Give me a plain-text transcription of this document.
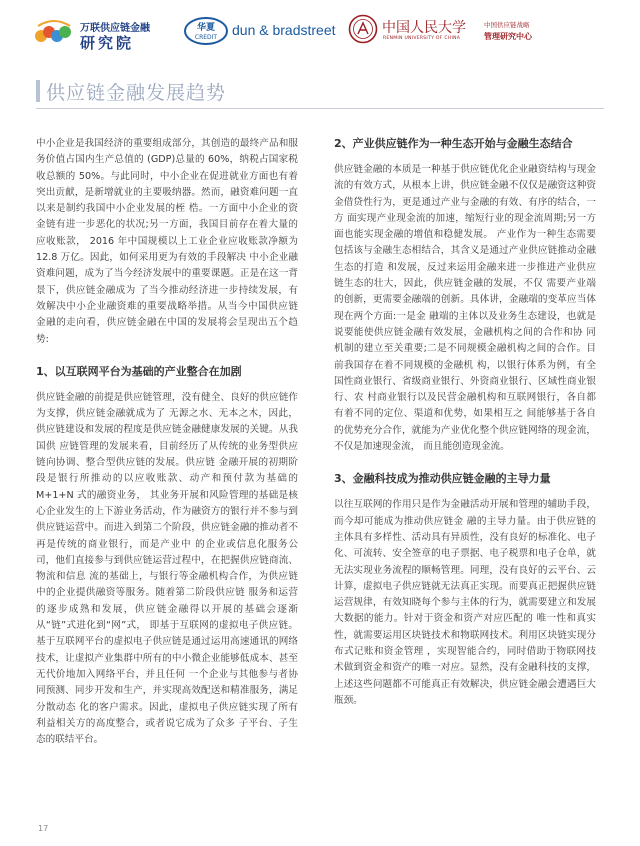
万联供应链金融
研究院
华夏
CREDIT dun & bradstreet	中国人民大学
RENMIN UNIVERSITY OF CHINA
中国供应链战略
管理研究中心
供应链金融发展趋势

中小企业是我国经济的重要组成部分，其创造的最终产品和服务价值占国内生产总值的 (GDP)总量的 60%，纳税占国家税收总额的 50%。与此同时，中小企业在促进就业方面也有着 突出贡献，是新增就业的主要吸纳器。然而，融资难问题一直以来是制约我国中小企业发展的桎 梏。一方面中小企业的资金链有进一步恶化的状况;另一方面，我国目前存在着大量的应收账款， 2016 年中国规模以上工业企业应收账款净额为 12.8 万亿。因此，如何采用更为有效的手段解决 中小企业融资难问题，成为了当今经济发展中的重要课题。正是在这一背景下，供应链金融成为 了当今推动经济进一步持续发展，有效解决中小企业融资难的重要战略举措。从当今中国供应链 金融的走向看，供应链金融在中国的发展将会呈现出五个趋势:

1、以互联网平台为基础的产业整合在加剧

供应链金融的前提是供应链管理，没有健全、良好的供应链作为支撑，供应链金融就成为了 无源之水、无本之木，因此，供应链建设和发展的程度是供应链金融健康发展的关键。从我国供 应链管理的发展来看，目前经历了从传统的业务型供应链向协调、整合型供应链的发展。供应链 金融开展的初期阶段是银行所推动的以应收账款、动产和预付款为基础的 M+1+N 式的融资业务， 其业务开展和风险管理的基础是核心企业发生的上下游业务活动，作为融资方的银行并不参与到 供应链运营中。而进入到第二个阶段，供应链金融的推动者不再是传统的商业银行，而是产业中 的企业或信息化服务公司，他们直接参与到供应链运营过程中，在把握供应链商流、物流和信息 流的基础上，与银行等金融机构合作，为供应链中的企业提供融资等服务。随着第二阶段供应链 服务和运营的逐步成熟和发展，供应链金融得以开展的基础会逐渐从“链”式进化到“网”式， 即基于互联网的虚拟电子供应链。基于互联网平台的虚拟电子供应链是通过运用高速通讯的网络 技术，让虚拟产业集群中所有的中小微企业能够低成本、甚至无代价地加入网络平台，并且任何 一个企业与其他参与者协同预测、同步开发和生产，并实现高效配送和精准服务，满足分散动态 化的客户需求。因此，虚拟电子供应链实现了所有利益相关方的高度整合，或者说它成为了众多 子平台、子生态的联结平台。

2、产业供应链作为一种生态开始与金融生态结合

供应链金融的本质是一种基于供应链优化企业融资结构与现金流的有效方式，从根本上讲，供应链金融不仅仅是融资这种资金借贷性行为，更是通过产业与金融的有效、有序的结合，一方 面实现产业现金流的加速，缩短行业的现金流周期;另一方面也能实现金融的增值和稳健发展。 产业作为一种生态需要包括该与金融生态相结合，其含义是通过产业供应链推动金融生态的打造 和发展，反过来运用金融来进一步推进产业供应链生态的壮大，因此，供应链金融的发展，不仅 需要产业端的创新，更需要金融端的创新。具体讲，金融端的变革应当体现在两个方面:一是金 融端的主体以及业务生态建设，也就是说要能使供应链金融有效发展，金融机构之间的合作和协 同机制的建立至关重要;二是不同规模金融机构之间的合作。目前我国存在着不同规模的金融机 构，以银行体系为例，有全国性商业银行、省级商业银行、外资商业银行、区域性商业银行、农 村商业银行以及民营金融机构和互联网银行，各自都有着不同的定位、渠道和优势，如果相互之 间能够基于各自的优势充分合作，就能为产业优化整个供应链网络的现金流，不仅是加速现金流， 而且能创造现金流。

3、金融科技成为推动供应链金融的主导力量

以往互联网的作用只是作为金融活动开展和管理的辅助手段，而今却可能成为推动供应链金 融的主导力量。由于供应链的主体具有多样性、活动具有异质性，没有良好的标准化、电子化、可流转、安全签章的电子票据、电子税票和电子仓单，就无法实现业务流程的顺畅管理。同理，没有良好的云平台、云计算，虚拟电子供应链就无法真正实现。而要真正把握供应链运营规律，有效知晓每个参与主体的行为，就需要建立和发展大数据的能力。针对于资金和资产对应匹配的 唯一性和真实性，就需要运用区块链技术和物联网技术。利用区块链实现分布式记账和资金管理 ，实现智能合约，同时借助于物联网技术做到资金和资产的唯一对应。显然，没有金融科技的支撑， 上述这些问题都不可能真正有效解决，供应链金融会遭遇巨大瓶颈。

17
